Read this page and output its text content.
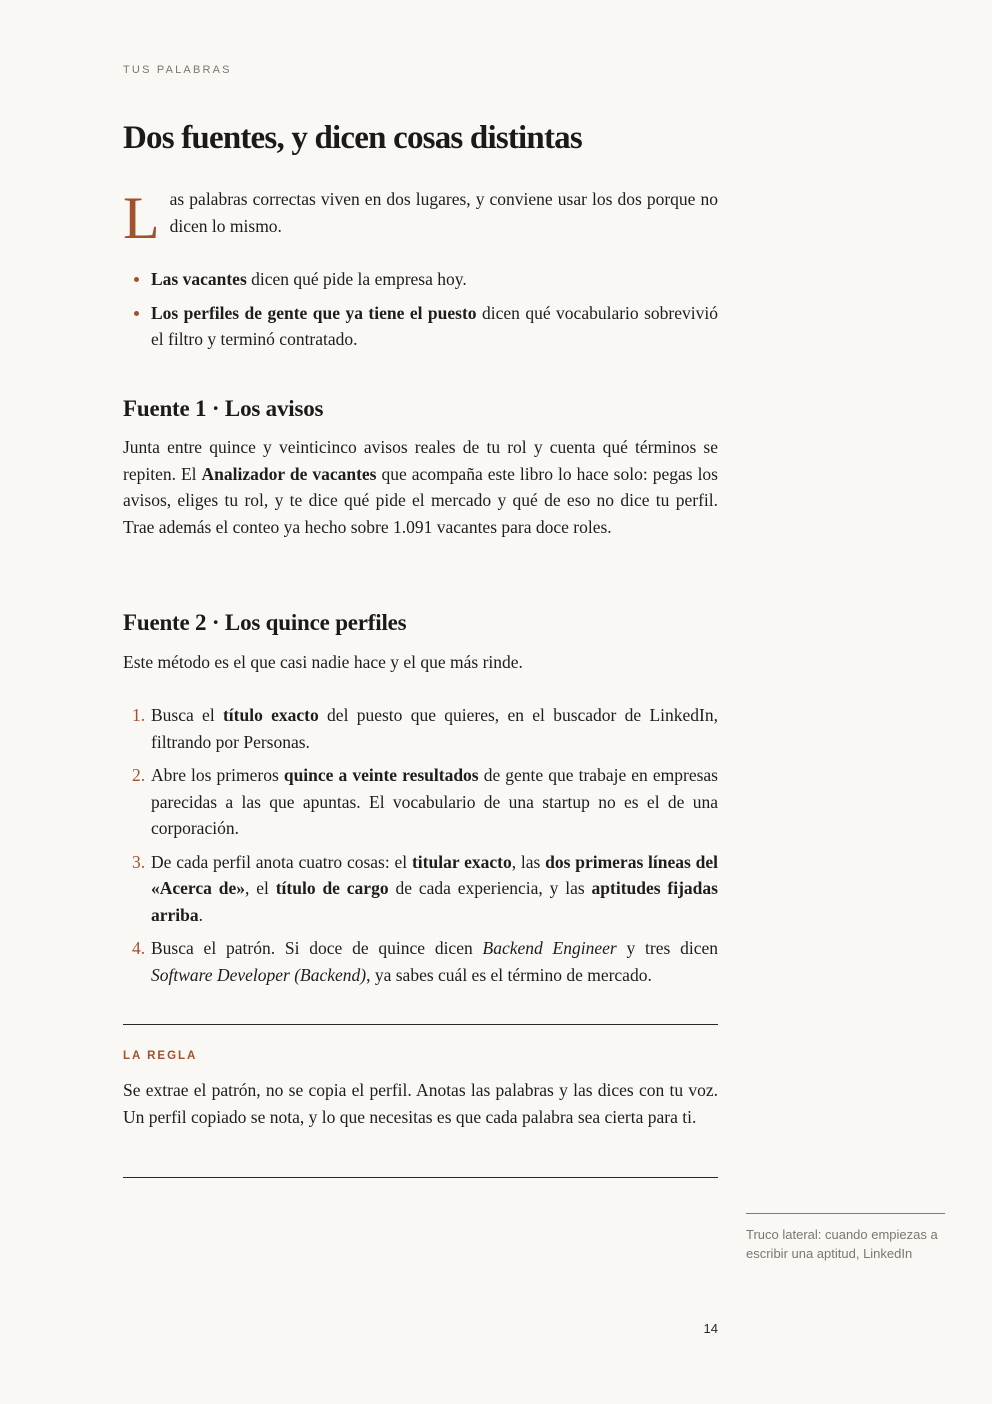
TUS PALABRAS
Dos fuentes, y dicen cosas distintas

Las palabras correctas viven en dos lugares, y conviene usar los dos porque no dicen lo mismo.

Las vacantes dicen qué pide la empresa hoy.
Los perfiles de gente que ya tiene el puesto dicen qué vocabulario sobrevivió el filtro y terminó contratado.
Fuente 1 · Los avisos

Junta entre quince y veinticinco avisos reales de tu rol y cuenta qué términos se repiten. El Analizador de vacantes que acompaña este libro lo hace solo: pegas los avisos, eliges tu rol, y te dice qué pide el mercado y qué de eso no dice tu perfil. Trae además el conteo ya hecho sobre 1.091 vacantes para doce roles.

Fuente 2 · Los quince perfiles

Este método es el que casi nadie hace y el que más rinde.

1. Busca el título exacto del puesto que quieres, en el buscador de LinkedIn, filtrando por Personas.
2. Abre los primeros quince a veinte resultados de gente que trabaje en empresas parecidas a las que apuntas. El vocabulario de una startup no es el de una corporación.
3. De cada perfil anota cuatro cosas: el titular exacto, las dos primeras líneas del «Acerca de», el título de cargo de cada experiencia, y las aptitudes fijadas arriba.
4. Busca el patrón. Si doce de quince dicen Backend Engineer y tres dicen Software Developer (Backend), ya sabes cuál es el término de mercado.
LA REGLA

Se extrae el patrón, no se copia el perfil. Anotas las palabras y las dices con tu voz. Un perfil copiado se nota, y lo que necesitas es que cada palabra sea cierta para ti.

Truco lateral: cuando empiezas a escribir una aptitud, LinkedIn
14
